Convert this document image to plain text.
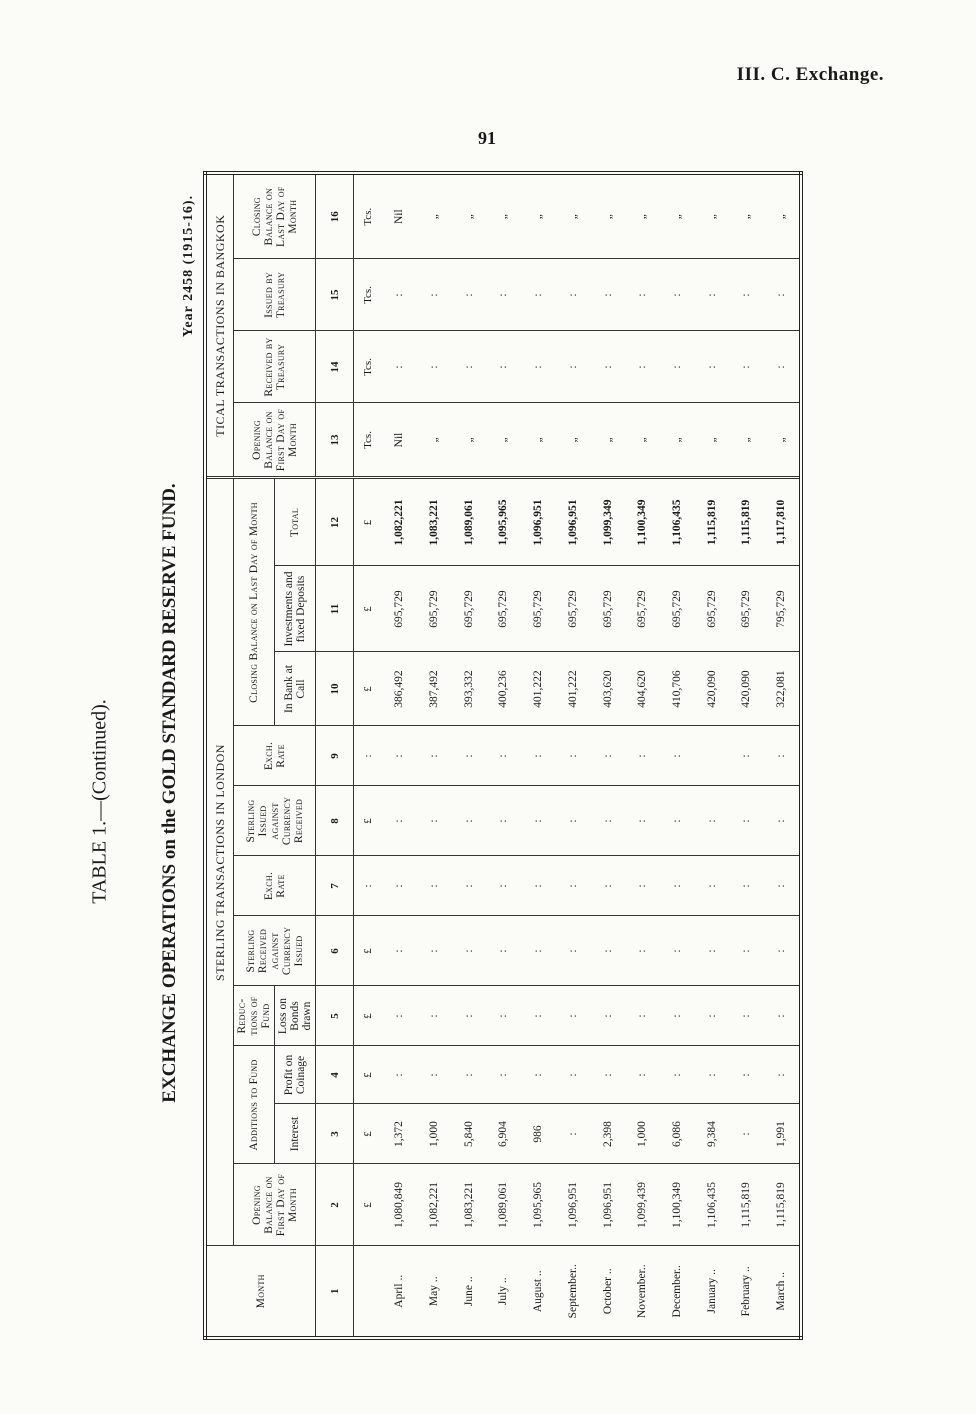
III. C. Exchange.
91
TABLE 1.—(Continued).	EXCHANGE OPERATIONS on the GOLD STANDARD RESERVE FUND.
Year 2458 (1915-16).
Month	STERLING TRANSACTIONS IN LONDON											TICAL TRANSACTIONS IN BANGKOK			
	Opening Balance on First Day of Month	Additions to Fund		Reduc-tions of Fund	Sterling Received against Currency Issued	Exch. Rate	Sterling Issued against Currency Received	Exch. Rate	Closing Balance on Last Day of Month			Opening Balance on First Day of Month	Received by Treasury	Issued by Treasury	Closing Balance on Last Day of Month
		Interest	Profit on Coinage	Loss on Bonds drawn					In Bank at Call	Investments and fixed Deposits	Total				
1	2	3	4	5	6	7	8	9	10	11	12	13	14	15	16
	£	£	£	£	£	:	£	:	£	£	£	Tcs.	Tcs.	Tcs.	Tcs.
April ..	1,080,849	1,372	:	:	:	:	:	:	386,492	695,729	1,082,221	Nil	:	:	Nil
May ..	1,082,221	1,000	:	:	:	:	:	:	387,492	695,729	1,083,221	„	:	:	„
June ..	1,083,221	5,840	:	:	:	:	:	:	393,332	695,729	1,089,061	„	:	:	„
July ..	1,089,061	6,904	:	:	:	:	:	:	400,236	695,729	1,095,965	„	:	:	„
August ..	1,095,965	986	:	:	:	:	:	:	401,222	695,729	1,096,951	„	:	:	„
September..	1,096,951	:	:	:	:	:	:	:	401,222	695,729	1,096,951	„	:	:	„
October ..	1,096,951	2,398	:	:	:	:	:	:	403,620	695,729	1,099,349	„	:	:	„
November..	1,099,439	1,000	:	:	:	:	:	:	404,620	695,729	1,100,349	„	:	:	„
December..	1,100,349	6,086	:	:	:	:	:	:	410,706	695,729	1,106,435	„	:	:	„
January ..	1,106,435	9,384	:	:	:	:	:		420,090	695,729	1,115,819	„	:	:	„
February ..	1,115,819	:	:	:	:	:	:	:	420,090	695,729	1,115,819	„	:	:	„
March ..	1,115,819	1,991	:	:	:	:	:	:	322,081	795,729	1,117,810	„	:	:	„
